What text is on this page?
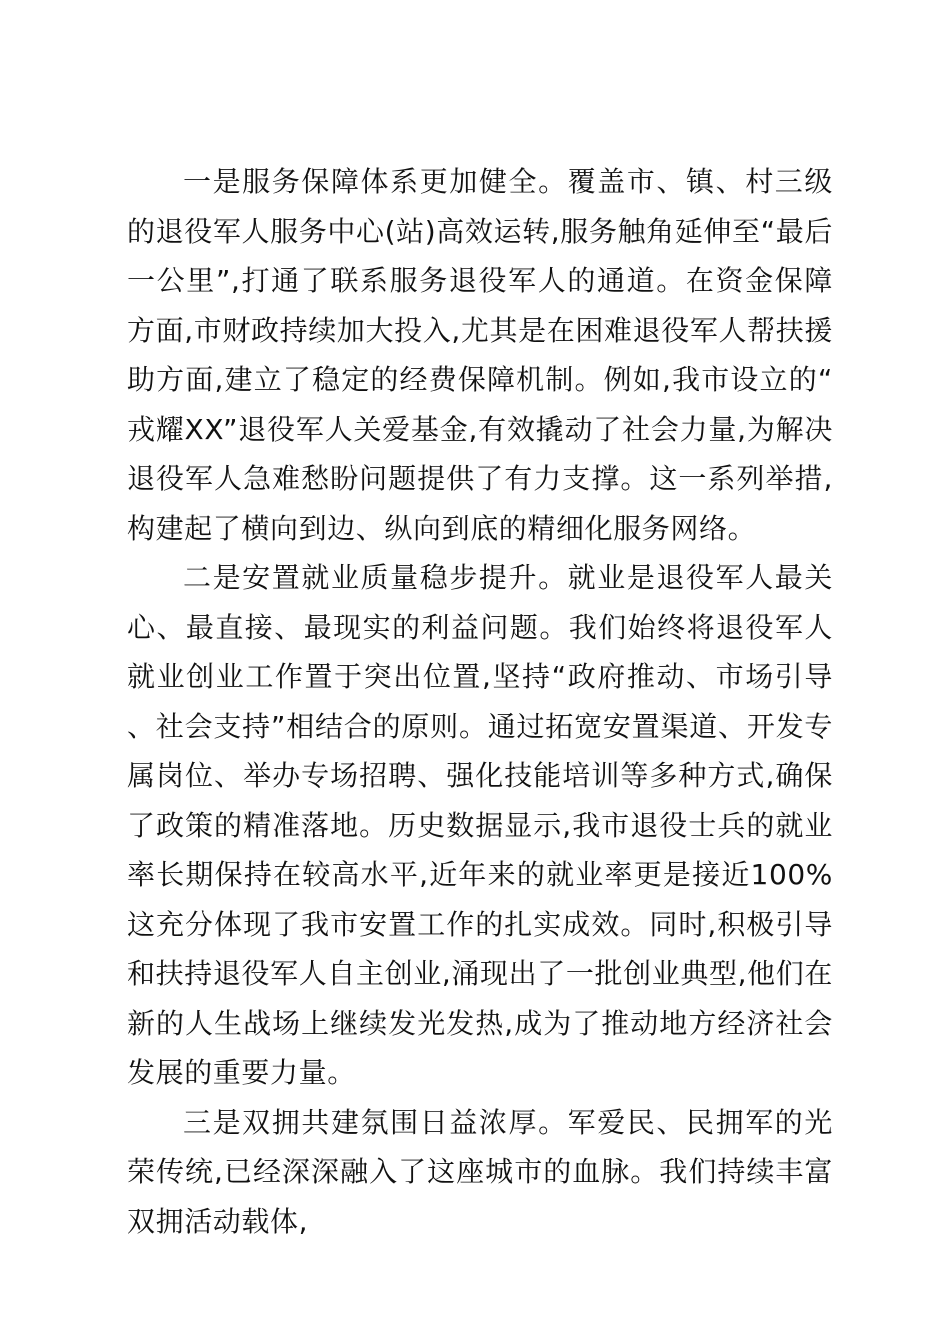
一是服务保障体系更加健全。覆盖市、镇、村三级的退役军人服务中心(站)高效运转,服务触角延伸至“最后一公里”,打通了联系服务退役军人的通道。在资金保障方面,市财政持续加大投入,尤其是在困难退役军人帮扶援助方面,建立了稳定的经费保障机制。例如,我市设立的“戎耀XX”退役军人关爱基金,有效撬动了社会力量,为解决退役军人急难愁盼问题提供了有力支撑。这一系列举措,构建起了横向到边、纵向到底的精细化服务网络。

二是安置就业质量稳步提升。就业是退役军人最关心、最直接、最现实的利益问题。我们始终将退役军人就业创业工作置于突出位置,坚持“政府推动、市场引导、社会支持”相结合的原则。通过拓宽安置渠道、开发专属岗位、举办专场招聘、强化技能培训等多种方式,确保了政策的精准落地。历史数据显示,我市退役士兵的就业率长期保持在较高水平,近年来的就业率更是接近100%这充分体现了我市安置工作的扎实成效。同时,积极引导和扶持退役军人自主创业,涌现出了一批创业典型,他们在新的人生战场上继续发光发热,成为了推动地方经济社会发展的重要力量。

三是双拥共建氛围日益浓厚。军爱民、民拥军的光荣传统,已经深深融入了这座城市的血脉。我们持续丰富双拥活动载体,
